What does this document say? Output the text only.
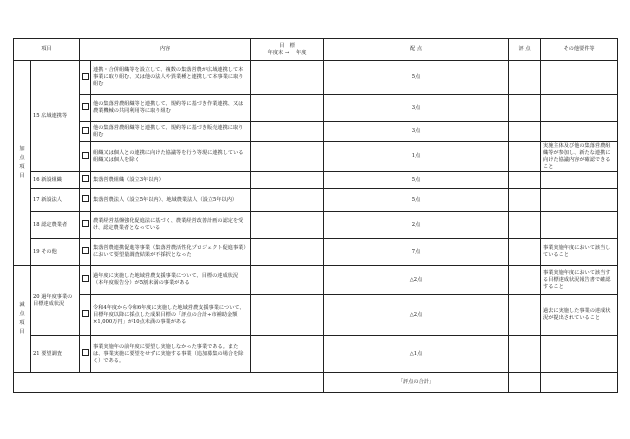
項目		内容		目　標
年度末 → 　年度	配 点	評 点	その他要件等
加点項目	15 広域連携等		連携・合併組織等を設立して、複数の集落営農が広域連携して本事業に取り組む、又は他の法人や異業種と連携して本事業に取り組む		5点		
			他の集落営農組織等と連携して、規約等に基づき作業連携、又は農業機械の共同利用等に取り組む		3点		
			他の集落営農組織等と連携して、規約等に基づき販売連携に取り組む		3点		
			組織又は個人との連携に向けた協議等を行う等現に連携している組織又は個人を除く		1点		実施主体及び他の集落営農組織等が参加し、新たな連携に向けた協議内容が確認できること
	16 新設組織		集落営農組織（設立3年以内）		5点		
	17 新設法人		集落営農法人（設立5年以内）、地域農業法人（設立5年以内）		5点		
	18 認定農業者		農業経営基盤強化促進法に基づく、農業経営改善計画の認定を受け、認定農業者となっている		2点		
	19 その他		集落営農連携促進等事業（集落営農活性化プロジェクト促進事業）において要望量調査結果が不採択となった		7点		事業実施年度において該当していること
減点項目	20 過年度事業の目標達成状況		過年度に実施した地域営農支援事業について、目標の達成状況（本年度報告分）が5割未満の事業がある		△2点		事業実施年度において該当する目標達成状況報告書で確認すること
			令和4年度から令和6年度に実施した地域営農支援事業について、目標年度以降に採点した成果目標の「評点の合計÷市補助金額×1,000万円」が10点未満の事業がある		△2点		過去に実施した事業の達成状況が提出されていること
	21 要望調査		事業実施年の前年度に要望し実施しなかった事業である。または、事業実施に要望をせずに実施する事業（追加募集の場合を除く）である。		△1点		
					「評点の合計」		
